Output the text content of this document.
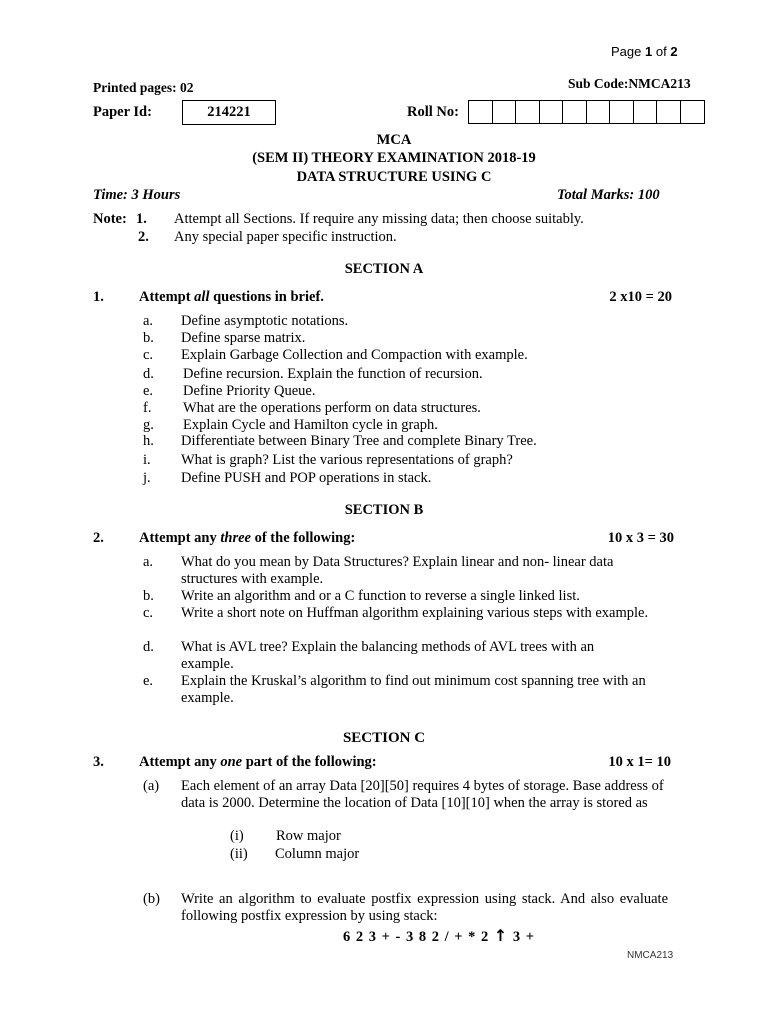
Page 1 of 2
Printed pages: 02	Sub Code:NMCA213
Paper Id:	214221	Roll No:
MCA
(SEM II) THEORY EXAMINATION 2018-19
DATA STRUCTURE USING C
Time: 3 Hours	Total Marks: 100
Note: 1. Attempt all Sections. If require any missing data; then choose suitably.
2. Any special paper specific instruction.
SECTION A
1. Attempt all questions in brief.	2 x10 = 20
a.	Define asymptotic notations.
b.	Define sparse matrix.
c.	Explain Garbage Collection and Compaction with example.
d.	Define recursion. Explain the function of recursion.
e.	Define Priority Queue.
f.	What are the operations perform on data structures.
g.	Explain Cycle and Hamilton cycle in graph.
h.	Differentiate between Binary Tree and complete Binary Tree.
i.	What is graph? List the various representations of graph?
j.	Define PUSH and POP operations in stack.
SECTION B
2. Attempt any three of the following:	10 x 3 = 30
a.	What do you mean by Data Structures? Explain linear and non- linear data structures with example.
b.	Write an algorithm and or a C function to reverse a single linked list.
c.	Write a short note on Huffman algorithm explaining various steps with example.
d.	What is AVL tree? Explain the balancing methods of AVL trees with an example.
e.	Explain the Kruskal’s algorithm to find out minimum cost spanning tree with an example.
SECTION C
3. Attempt any one part of the following:	10 x 1= 10
(a)	Each element of an array Data [20][50] requires 4 bytes of storage. Base address of data is 2000. Determine the location of Data [10][10] when the array is stored as
(i) Row major
(ii) Column major
(b)	Write an algorithm to evaluate postfix expression using stack. And also evaluate following postfix expression by using stack:
6 2 3 + - 3 8 2 / + * 2 ↑ 3 +
NMCA213
